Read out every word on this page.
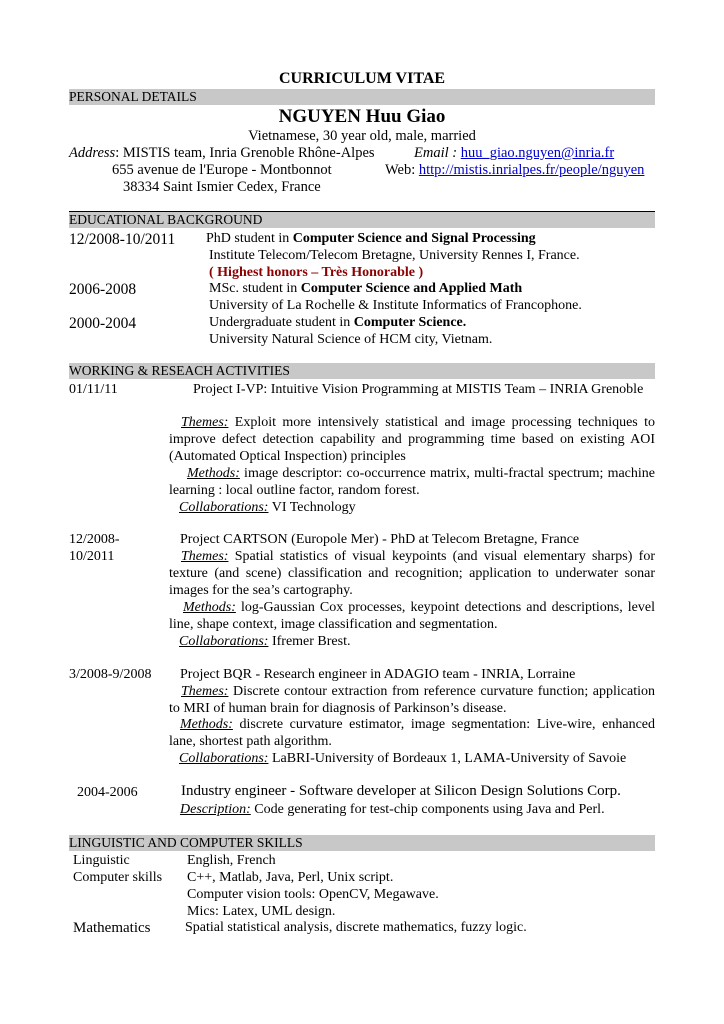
CURRICULUM VITAE
PERSONAL DETAILS
NGUYEN Huu Giao
Vietnamese, 30 year old, male, married
Address: MISTIS team, Inria Grenoble Rhône-Alpes	Email : huu_giao.nguyen@inria.fr
655 avenue de l'Europe - Montbonnot	Web: http://mistis.inrialpes.fr/people/nguyen
38334 Saint Ismier Cedex, France
EDUCATIONAL BACKGROUND
12/2008-10/2011 PhD student in Computer Science and Signal Processing
Institute Telecom/Telecom Bretagne, University Rennes I, France.
( Highest honors – Très Honorable )
2006-2008	MSc. student in Computer Science and Applied Math
University of La Rochelle & Institute Informatics of Francophone.
2000-2004	Undergraduate student in Computer Science.
University Natural Science of HCM city, Vietnam.
WORKING & RESEACH ACTIVITIES
01/11/11	Project I-VP: Intuitive Vision Programming at MISTIS Team – INRIA Grenoble
Themes: Exploit more intensively statistical and image processing techniques to improve defect detection capability and programming time based on existing AOI (Automated Optical Inspection) principles
Methods: image descriptor: co-occurrence matrix, multi-fractal spectrum; machine learning : local outline factor, random forest.
Collaborations: VI Technology
12/2008-10/2011
Project CARTSON (Europole Mer) - PhD at Telecom Bretagne, France
Themes: Spatial statistics of visual keypoints (and visual elementary sharps) for texture (and scene) classification and recognition; application to underwater sonar images for the sea’s cartography.
Methods: log-Gaussian Cox processes, keypoint detections and descriptions, level line, shape context, image classification and segmentation.
Collaborations: Ifremer Brest.
3/2008-9/2008	Project BQR - Research engineer in ADAGIO team - INRIA, Lorraine
Themes: Discrete contour extraction from reference curvature function; application to MRI of human brain for diagnosis of Parkinson’s disease.
Methods: discrete curvature estimator, image segmentation: Live-wire, enhanced lane, shortest path algorithm.
Collaborations: LaBRI-University of Bordeaux 1, LAMA-University of Savoie
2004-2006	Industry engineer - Software developer at Silicon Design Solutions Corp.
Description: Code generating for test-chip components using Java and Perl.
LINGUISTIC AND COMPUTER SKILLS
Linguistic	English, French
Computer skills C++, Matlab, Java, Perl, Unix script.
Computer vision tools: OpenCV, Megawave.
Mics: Latex, UML design.
Mathematics Spatial statistical analysis, discrete mathematics, fuzzy logic.
